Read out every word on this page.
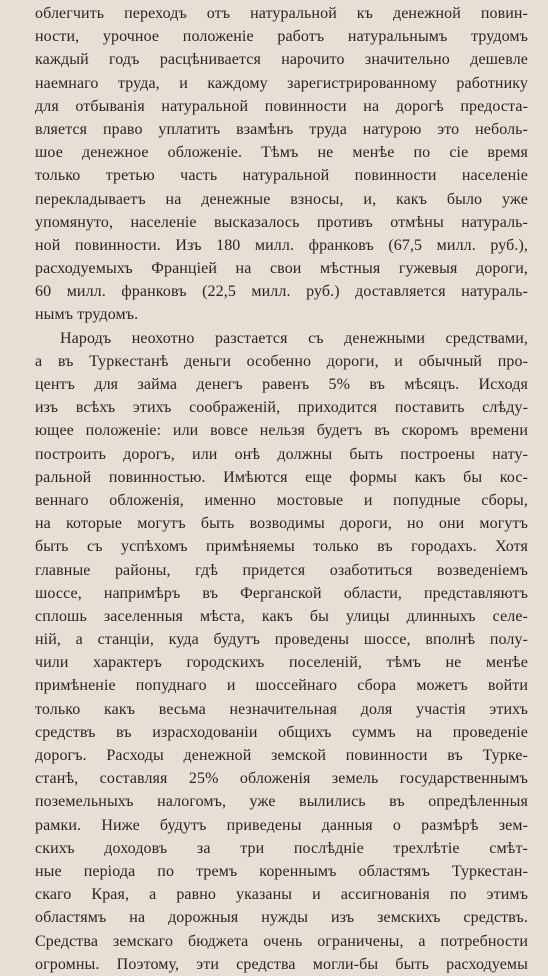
облегчить переходъ отъ натуральной къ денежной повин-
ности, урочное положеніе работъ натуральнымъ трудомъ
каждый годъ расцѣнивается нарочито значительно дешевле
наемнаго труда, и каждому зарегистрированному работнику
для отбыванія натуральной повинности на дорогѣ предоста-
вляется право уплатить взамѣнъ труда натурою это неболь-
шое денежное обложеніе. Тѣмъ не менѣе по сіе время
только третью часть натуральной повинности населеніе
перекладываетъ на денежные взносы, и, какъ было уже
упомянуто, населеніе высказалось противъ отмѣны натураль-
ной повинности. Изъ 180 милл. франковъ (67,5 милл. руб.),
расходуемыхъ Франціей на свои мѣстныя гужевыя дороги,
60 милл. франковъ (22,5 милл. руб.) доставляется натураль-
нымъ трудомъ.
Народъ неохотно разстается съ денежными средствами,
а въ Туркестанѣ деньги особенно дороги, и обычный про-
центъ для займа денегъ равенъ 5% въ мѣсяцъ. Исходя
изъ всѣхъ этихъ соображеній, приходится поставить слѣду-
ющее положеніе: или вовсе нельзя будетъ въ скоромъ времени
построить дорогъ, или онѣ должны быть построены нату-
ральной повинностью. Имѣются еще формы какъ бы кос-
веннаго обложенія, именно мостовые и попудные сборы,
на которые могутъ быть возводимы дороги, но они могутъ
быть съ успѣхомъ примѣняемы только въ городахъ. Хотя
главные районы, гдѣ придется озаботиться возведеніемъ
шоссе, напримѣръ въ Ферганской области, представляютъ
сплошь заселенныя мѣста, какъ бы улицы длинныхъ селе-
ній, а станціи, куда будутъ проведены шоссе, вполнѣ полу-
чили характеръ городскихъ поселеній, тѣмъ не менѣе
примѣненіе попуднаго и шоссейнаго сбора можетъ войти
только какъ весьма незначительная доля участія этихъ
средствъ въ израсходованіи общихъ суммъ на проведеніе
дорогъ. Расходы денежной земской повинности въ Турке-
станѣ, составляя 25% обложенія земель государственнымъ
поземельныхъ налогомъ, уже вылились въ опредѣленныя
рамки. Ниже будутъ приведены данныя о размѣрѣ зем-
скихъ доходовъ за три послѣдніе трехлѣтіе смѣт-
ные періода по тремъ кореннымъ областямъ Туркестан-
скаго Края, а равно указаны и ассигнованія по этимъ
областямъ на дорожныя нужды изъ земскихъ средствъ.
Средства земскаго бюджета очень ограничены, а потребности
огромны. Поэтому, эти средства могли-бы быть расходуемы
